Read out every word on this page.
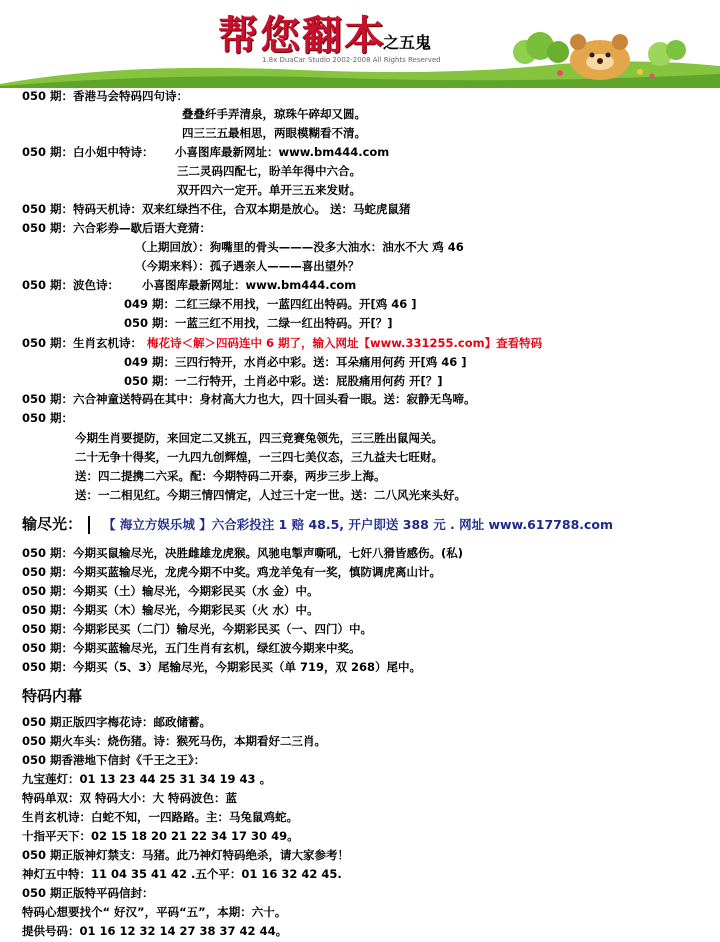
帮您翻本
之五鬼
1.8x DuaCar Studio 2002-2008 All Rights Reserved
050 期：香港马会特码四句诗：
叠叠纤手弄清泉，琼珠午碎却又圆。
四三三五最相思，两眼模糊看不清。
050 期：白小姐中特诗： 小喜图库最新网址：www.bm444.com
三二灵码四配七，盼羊年得中六合。
双开四六一定开。单开三五来发财。
050 期：特码天机诗：双来红绿挡不住，合双本期是放心。 送：马蛇虎鼠猪
050 期：六合彩券—歇后语大竞猜：
（上期回放）：狗嘴里的骨头———没多大油水：油水不大 鸡 46
（今期来料）：孤子遇亲人———喜出望外？
050 期：波色诗： 小喜图库最新网址：www.bm444.com
049 期：二红三绿不用找，一蓝四红出特码。开[鸡 46 ]
050 期：一蓝三红不用找，二绿一红出特码。开[？]
050 期：生肖玄机诗： 梅花诗＜解＞四码连中 6 期了，输入网址【www.331255.com】查看特码
049 期：三四行特开，水肖必中彩。送：耳朵痛用何药 开[鸡 46 ]
050 期：一二行特开，土肖必中彩。送：屁股痛用何药 开[？]
050 期：六合神童送特码在其中：身材高大力也大，四十回头看一眼。送：寂静无鸟啼。
050 期：
今期生肖要提防，来回定二又挑五，四三竞赛兔领先，三三胜出鼠闯关。
二十无争十得奖，一九四九创辉煌，一三四七美仪态，三九益夫七旺财。
送：四二提携二六采。配：今期特码二开泰，两步三步上海。
送：一二相见红。今期三情四情定，人过三十定一世。送：二八风光来头好。
输尽光：	【 海立方娱乐城 】六合彩投注 1 赔 48.5, 开户即送 388 元 . 网址 www.617788.com
050 期：今期买鼠输尽光，决胜雌雄龙虎猴。风驰电掣声嘶吼，七奸八猾皆感伤。(私)
050 期：今期买蓝输尽光，龙虎今期不中奖。鸡龙羊兔有一奖，慎防调虎离山计。
050 期：今期买（土）输尽光，今期彩民买（水 金）中。
050 期：今期买（木）输尽光，今期彩民买（火 水）中。
050 期：今期彩民买（二门）输尽光，今期彩民买（一、四门）中。
050 期：今期买蓝输尽光，五门生肖有玄机，绿红波今期来中奖。
050 期：今期买（5、3）尾输尽光，今期彩民买（单 719，双 268）尾中。
特码内幕
050 期正版四字梅花诗：邮政储蓄。
050 期火车头：烧伤猪。诗：猴死马伤，本期看好二三肖。
050 期香港地下信封《千王之王》：
九宝莲灯：01 13 23 44 25 31 34 19 43 。
特码单双：双 特码大小：大 特码波色：蓝
生肖玄机诗：白蛇不知，一四路路。主：马兔鼠鸡蛇。
十指平天下：02 15 18 20 21 22 34 17 30 49。
050 期正版神灯禁支：马猪。此乃神灯特码绝杀，请大家参考！
神灯五中特：11 04 35 41 42 .五个平：01 16 32 42 45.
050 期正版特平码信封：
特码心想要找个“ 好汉”，平码“五”，本期：六十。
提供号码：01 16 12 32 14 27 38 37 42 44。
